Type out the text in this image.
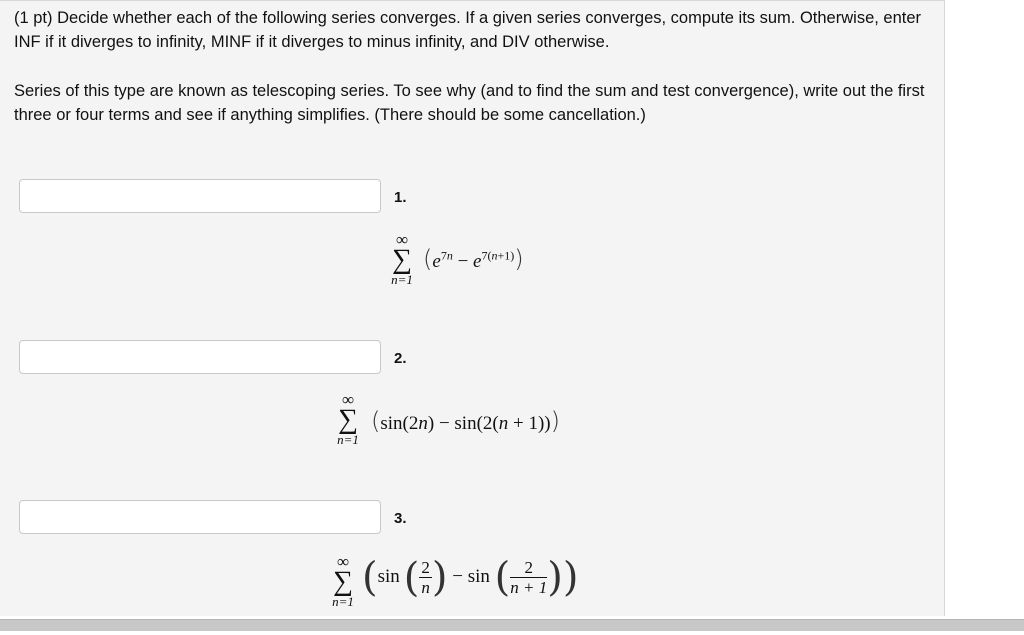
(1 pt) Decide whether each of the following series converges. If a given series converges, compute its sum. Otherwise, enter INF if it diverges to infinity, MINF if it diverges to minus infinity, and DIV otherwise.

Series of this type are known as telescoping series. To see why (and to find the sum and test convergence), write out the first three or four terms and see if anything simplifies. (There should be some cancellation.)

1.
∞
∑
n=1
$(e^{7n} - e^{7(n+1)})$
2.
∞
∑
n=1
(sin(2n) − sin(2(n + 1)))
3.
∞
∑
n=1
(sin ( $\frac{2}{n}$ ) − sin ( $\frac{2}{n + 1}$ ))
